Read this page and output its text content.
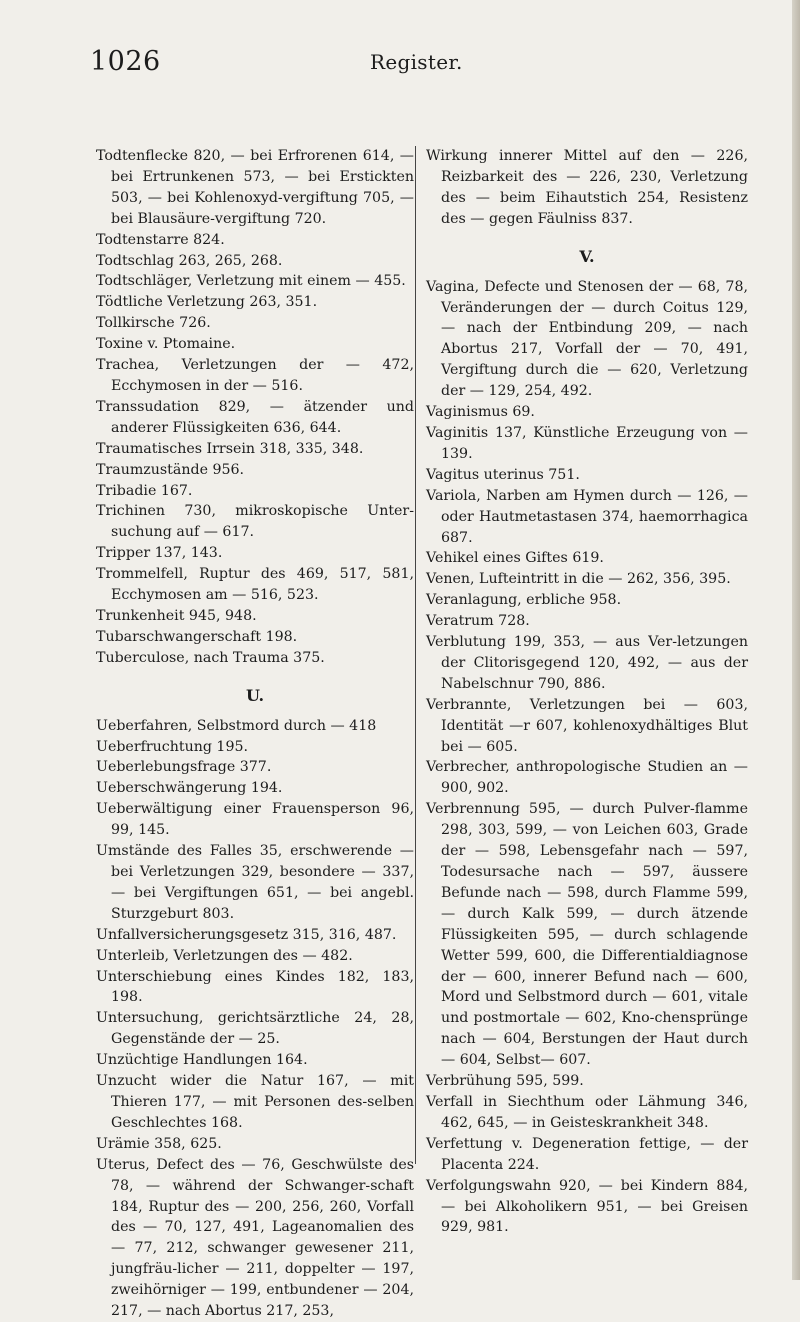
1026	Register.

Todtenflecke 820, — bei Erfrorenen 614, — bei Ertrunkenen 573, — bei Erstickten 503, — bei Kohlenoxyd-vergiftung 705, — bei Blausäure-vergiftung 720.

Todtenstarre 824.

Todtschlag 263, 265, 268.

Todtschläger, Verletzung mit einem — 455.

Tödtliche Verletzung 263, 351.

Tollkirsche 726.

Toxine v. Ptomaine.

Trachea, Verletzungen der — 472, Ecchymosen in der — 516.

Transsudation 829, — ätzender und anderer Flüssigkeiten 636, 644.

Traumatisches Irrsein 318, 335, 348.

Traumzustände 956.

Tribadie 167.

Trichinen 730, mikroskopische Unter-suchung auf — 617.

Tripper 137, 143.

Trommelfell, Ruptur des 469, 517, 581, Ecchymosen am — 516, 523.

Trunkenheit 945, 948.

Tubarschwangerschaft 198.

Tuberculose, nach Trauma 375.

U.

Ueberfahren, Selbstmord durch — 418

Ueberfruchtung 195.

Ueberlebungsfrage 377.

Ueberschwängerung 194.

Ueberwältigung einer Frauensperson 96, 99, 145.

Umstände des Falles 35, erschwerende — bei Verletzungen 329, besondere — 337, — bei Vergiftungen 651, — bei angebl. Sturzgeburt 803.

Unfallversicherungsgesetz 315, 316, 487.

Unterleib, Verletzungen des — 482.

Unterschiebung eines Kindes 182, 183, 198.

Untersuchung, gerichtsärztliche 24, 28, Gegenstände der — 25.

Unzüchtige Handlungen 164.

Unzucht wider die Natur 167, — mit Thieren 177, — mit Personen des-selben Geschlechtes 168.

Urämie 358, 625.

Uterus, Defect des — 76, Geschwülste des 78, — während der Schwanger-schaft 184, Ruptur des — 200, 256, 260, Vorfall des — 70, 127, 491, Lageanomalien des — 77, 212, schwanger gewesener 211, jungfräu-licher — 211, doppelter — 197, zweihörniger — 199, entbundener — 204, 217, — nach Abortus 217, 253,

Wirkung innerer Mittel auf den — 226, Reizbarkeit des — 226, 230, Verletzung des — beim Eihautstich 254, Resistenz des — gegen Fäulniss 837.

V.

Vagina, Defecte und Stenosen der — 68, 78, Veränderungen der — durch Coitus 129, — nach der Entbindung 209, — nach Abortus 217, Vorfall der — 70, 491, Vergiftung durch die — 620, Verletzung der — 129, 254, 492.

Vaginismus 69.

Vaginitis 137, Künstliche Erzeugung von — 139.

Vagitus uterinus 751.

Variola, Narben am Hymen durch — 126, — oder Hautmetastasen 374, haemorrhagica 687.

Vehikel eines Giftes 619.

Venen, Lufteintritt in die — 262, 356, 395.

Veranlagung, erbliche 958.

Veratrum 728.

Verblutung 199, 353, — aus Ver-letzungen der Clitorisgegend 120, 492, — aus der Nabelschnur 790, 886.

Verbrannte, Verletzungen bei — 603, Identität —r 607, kohlenoxydhältiges Blut bei — 605.

Verbrecher, anthropologische Studien an — 900, 902.

Verbrennung 595, — durch Pulver-flamme 298, 303, 599, — von Leichen 603, Grade der — 598, Lebensgefahr nach — 597, Todesursache nach — 597, äussere Befunde nach — 598, durch Flamme 599, — durch Kalk 599, — durch ätzende Flüssigkeiten 595, — durch schlagende Wetter 599, 600, die Differentialdiagnose der — 600, innerer Befund nach — 600, Mord und Selbstmord durch — 601, vitale und postmortale — 602, Kno-chensprünge nach — 604, Berstungen der Haut durch — 604, Selbst— 607.

Verbrühung 595, 599.

Verfall in Siechthum oder Lähmung 346, 462, 645, — in Geisteskrankheit 348.

Verfettung v. Degeneration fettige, — der Placenta 224.

Verfolgungswahn 920, — bei Kindern 884, — bei Alkoholikern 951, — bei Greisen 929, 981.
